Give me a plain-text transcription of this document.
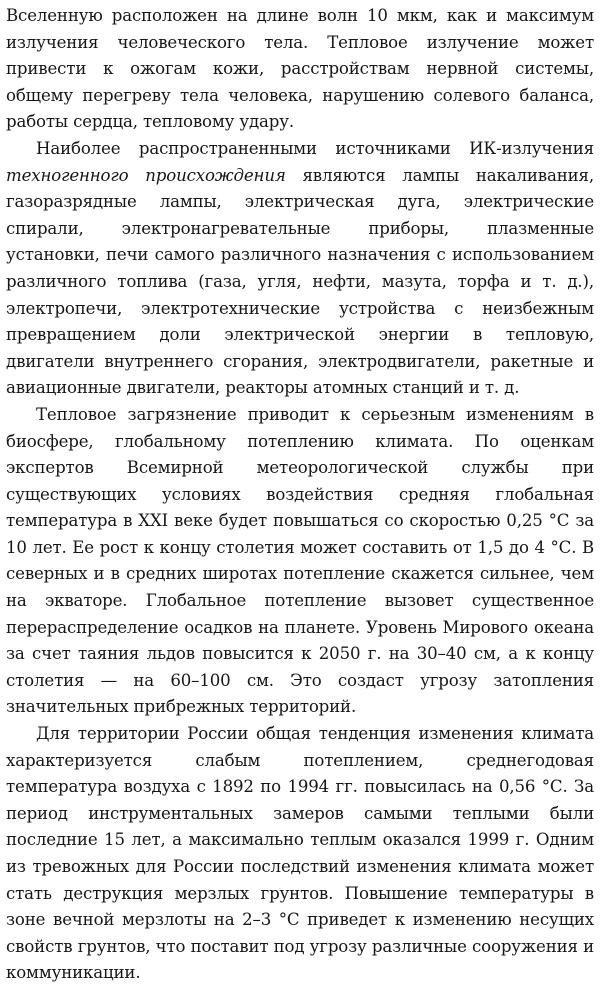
Вселенную расположен на длине волн 10 мкм, как и максимум излучения человеческого тела. Тепловое излучение может привести к ожогам кожи, расстройствам нервной системы, общему перегреву тела человека, нарушению солевого баланса, работы сердца, тепловому удару.

Наиболее распространенными источниками ИК-излучения техногенного происхождения являются лампы накаливания, газоразрядные лампы, электрическая дуга, электрические спирали, электронагревательные приборы, плазменные установки, печи самого различного назначения с использованием различного топлива (газа, угля, нефти, мазута, торфа и т. д.), электропечи, электротехнические устройства с неизбежным превращением доли электрической энергии в тепловую, двигатели внутреннего сгорания, электродвигатели, ракетные и авиационные двигатели, реакторы атомных станций и т. д.

Тепловое загрязнение приводит к серьезным изменениям в биосфере, глобальному потеплению климата. По оценкам экспертов Всемирной метеорологической службы при существующих условиях воздействия средняя глобальная температура в XXI веке будет повышаться со скоростью 0,25 °С за 10 лет. Ее рост к концу столетия может составить от 1,5 до 4 °С. В северных и в средних широтах потепление скажется сильнее, чем на экваторе. Глобальное потепление вызовет существенное перераспределение осадков на планете. Уровень Мирового океана за счет таяния льдов повысится к 2050 г. на 30–40 см, а к концу столетия — на 60–100 см. Это создаст угрозу затопления значительных прибрежных территорий.

Для территории России общая тенденция изменения климата характеризуется слабым потеплением, среднегодовая температура воздуха с 1892 по 1994 гг. повысилась на 0,56 °С. За период инструментальных замеров самыми теплыми были последние 15 лет, а максимально теплым оказался 1999 г. Одним из тревожных для России последствий изменения климата может стать деструкция мерзлых грунтов. Повышение температуры в зоне вечной мерзлоты на 2–3 °С приведет к изменению несущих свойств грунтов, что поставит под угрозу различные сооружения и коммуникации.
